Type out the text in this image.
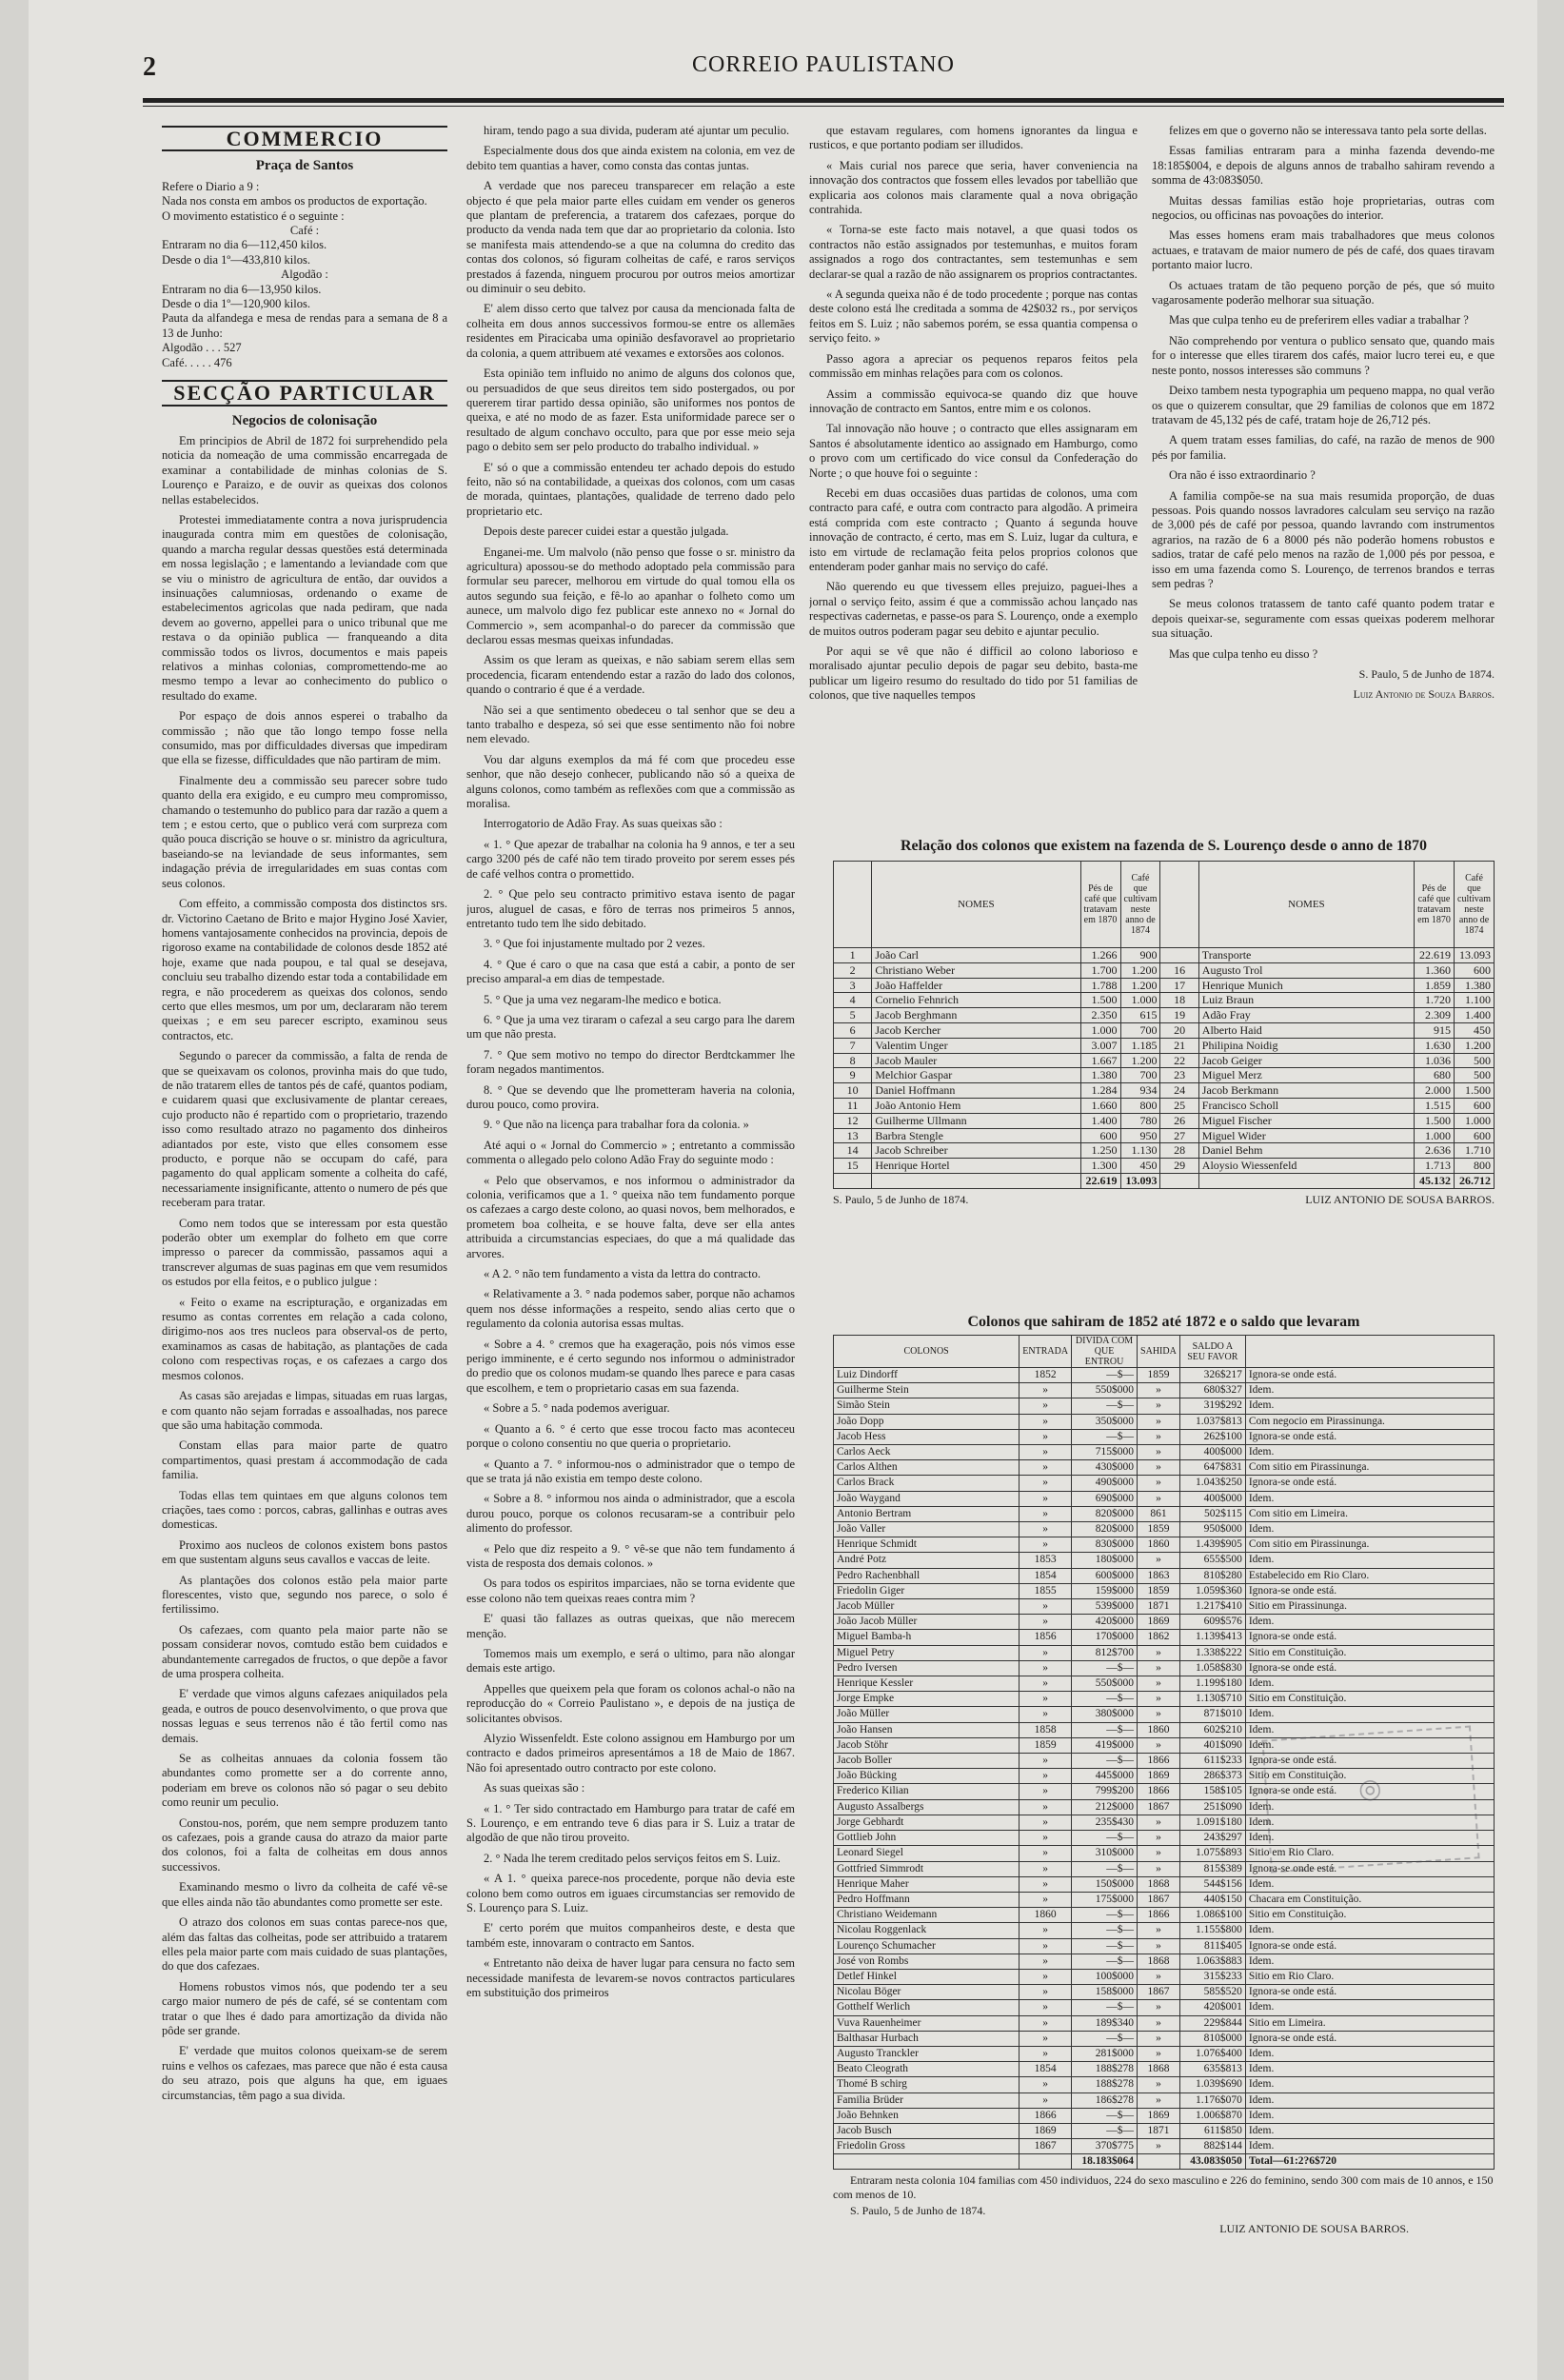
2	CORREIO PAULISTANO
COMMERCIO
Praça de Santos
Refere o Diario a 9 :
Nada nos consta em ambos os productos de exportação.
O movimento estatistico é o seguinte :
Café :
Entraram no dia 6—112,450 kilos.
Desde o dia 1º—433,810 kilos.
Algodão :
Entraram no dia 6—13,950 kilos.
Desde o dia 1º—120,900 kilos.
Pauta da alfandega e mesa de rendas para a semana de 8 a 13 de Junho:
Algodão . . . 527
Café. . . . . 476
SECÇÃO PARTICULAR
Negocios de colonisação

Em principios de Abril de 1872 foi surprehendido pela noticia da nomeação de uma commissão encarregada de examinar a contabilidade de minhas colonias de S. Lourenço e Paraizo, e de ouvir as queixas dos colonos nellas estabelecidos.

Protestei immediatamente contra a nova jurisprudencia inaugurada contra mim em questões de colonisação, quando a marcha regular dessas questões está determinada em nossa legislação ; e lamentando a leviandade com que se viu o ministro de agricultura de então, dar ouvidos a insinuações calumniosas, ordenando o exame de estabelecimentos agricolas que nada pediram, que nada devem ao governo, appellei para o unico tribunal que me restava o da opinião publica — franqueando a dita commissão todos os livros, documentos e mais papeis relativos a minhas colonias, compromettendo-me ao mesmo tempo a levar ao conhecimento do publico o resultado do exame.

Por espaço de dois annos esperei o trabalho da commissão ; não que tão longo tempo fosse nella consumido, mas por difficuldades diversas que impediram que ella se fizesse, difficuldades que não partiram de mim.

Finalmente deu a commissão seu parecer sobre tudo quanto della era exigido, e eu cumpro meu compromisso, chamando o testemunho do publico para dar razão a quem a tem ; e estou certo, que o publico verá com surpreza com quão pouca discrição se houve o sr. ministro da agricultura, baseiando-se na leviandade de seus informantes, sem indagação prévia de irregularidades em suas contas com seus colonos.

Com effeito, a commissão composta dos distinctos srs. dr. Victorino Caetano de Brito e major Hygino José Xavier, homens vantajosamente conhecidos na provincia, depois de rigoroso exame na contabilidade de colonos desde 1852 até hoje, exame que nada poupou, e tal qual se desejava, concluiu seu trabalho dizendo estar toda a contabilidade em regra, e não procederem as queixas dos colonos, sendo certo que elles mesmos, um por um, declararam não terem queixas ; e em seu parecer escripto, examinou seus contractos, etc.

Segundo o parecer da commissão, a falta de renda de que se queixavam os colonos, provinha mais do que tudo, de não tratarem elles de tantos pés de café, quantos podiam, e cuidarem quasi que exclusivamente de plantar cereaes, cujo producto não é repartido com o proprietario, trazendo isso como resultado atrazo no pagamento dos dinheiros adiantados por este, visto que elles consomem esse producto, e porque não se occupam do café, para pagamento do qual applicam somente a colheita do café, necessariamente insignificante, attento o numero de pés que receberam para tratar.

Como nem todos que se interessam por esta questão poderão obter um exemplar do folheto em que corre impresso o parecer da commissão, passamos aqui a transcrever algumas de suas paginas em que vem resumidos os estudos por ella feitos, e o publico julgue :

« Feito o exame na escripturação, e organizadas em resumo as contas correntes em relação a cada colono, dirigimo-nos aos tres nucleos para observal-os de perto, examinamos as casas de habitação, as plantações de cada colono com respectivas roças, e os cafezaes a cargo dos mesmos colonos.

As casas são arejadas e limpas, situadas em ruas largas, e com quanto não sejam forradas e assoalhadas, nos parece que são uma habitação commoda.

Constam ellas para maior parte de quatro compartimentos, quasi prestam á accommodação de cada familia.

Todas ellas tem quintaes em que alguns colonos tem criações, taes como : porcos, cabras, gallinhas e outras aves domesticas.

Proximo aos nucleos de colonos existem bons pastos em que sustentam alguns seus cavallos e vaccas de leite.

As plantações dos colonos estão pela maior parte florescentes, visto que, segundo nos parece, o solo é fertilissimo.

Os cafezaes, com quanto pela maior parte não se possam considerar novos, comtudo estão bem cuidados e abundantemente carregados de fructos, o que depõe a favor de uma prospera colheita.

E' verdade que vimos alguns cafezaes aniquilados pela geada, e outros de pouco desenvolvimento, o que prova que nossas leguas e seus terrenos não é tão fertil como nas demais.

Se as colheitas annuaes da colonia fossem tão abundantes como promette ser a do corrente anno, poderiam em breve os colonos não só pagar o seu debito como reunir um peculio.

Constou-nos, porém, que nem sempre produzem tanto os cafezaes, pois a grande causa do atrazo da maior parte dos colonos, foi a falta de colheitas em dous annos successivos.

Examinando mesmo o livro da colheita de café vê-se que elles ainda não tão abundantes como promette ser este.

O atrazo dos colonos em suas contas parece-nos que, além das faltas das colheitas, pode ser attribuido a tratarem elles pela maior parte com mais cuidado de suas plantações, do que dos cafezaes.

Homens robustos vimos nós, que podendo ter a seu cargo maior numero de pés de café, sé se contentam com tratar o que lhes é dado para amortização da divida não pôde ser grande.

E' verdade que muitos colonos queixam-se de serem ruins e velhos os cafezaes, mas parece que não é esta causa do seu atrazo, pois que alguns ha que, em iguaes circumstancias, têm pago a sua divida.

hiram, tendo pago a sua divida, puderam até ajuntar um peculio.

Especialmente dous dos que ainda existem na colonia, em vez de debito tem quantias a haver, como consta das contas juntas.

A verdade que nos pareceu transparecer em relação a este objecto é que pela maior parte elles cuidam em vender os generos que plantam de preferencia, a tratarem dos cafezaes, porque do producto da venda nada tem que dar ao proprietario da colonia. Isto se manifesta mais attendendo-se a que na columna do credito das contas dos colonos, só figuram colheitas de café, e raros serviços prestados á fazenda, ninguem procurou por outros meios amortizar ou diminuir o seu debito.

E' alem disso certo que talvez por causa da mencionada falta de colheita em dous annos successivos formou-se entre os allemães residentes em Piracicaba uma opinião desfavoravel ao proprietario da colonia, a quem attribuem até vexames e extorsões aos colonos.

Esta opinião tem influido no animo de alguns dos colonos que, ou persuadidos de que seus direitos tem sido postergados, ou por quererem tirar partido dessa opinião, são uniformes nos pontos de queixa, e até no modo de as fazer. Esta uniformidade parece ser o resultado de algum conchavo occulto, para que por esse meio seja pago o debito sem ser pelo producto do trabalho individual. »

E' só o que a commissão entendeu ter achado depois do estudo feito, não só na contabilidade, a queixas dos colonos, com um casas de morada, quintaes, plantações, qualidade de terreno dado pelo proprietario etc.

Depois deste parecer cuidei estar a questão julgada.

Enganei-me. Um malvolo (não penso que fosse o sr. ministro da agricultura) apossou-se do methodo adoptado pela commissão para formular seu parecer, melhorou em virtude do qual tomou ella os autos segundo sua feição, e fê-lo ao apanhar o folheto como um aunece, um malvolo digo fez publicar este annexo no « Jornal do Commercio », sem acompanhal-o do parecer da commissão que declarou essas mesmas queixas infundadas.

Assim os que leram as queixas, e não sabiam serem ellas sem procedencia, ficaram entendendo estar a razão do lado dos colonos, quando o contrario é que é a verdade.

Não sei a que sentimento obedeceu o tal senhor que se deu a tanto trabalho e despeza, só sei que esse sentimento não foi nobre nem elevado.

Vou dar alguns exemplos da má fé com que procedeu esse senhor, que não desejo conhecer, publicando não só a queixa de alguns colonos, como também as reflexões com que a commissão as moralisa.

Interrogatorio de Adão Fray. As suas queixas são :

« 1. ° Que apezar de trabalhar na colonia ha 9 annos, e ter a seu cargo 3200 pés de café não tem tirado proveito por serem esses pés de café velhos contra o promettido.

2. ° Que pelo seu contracto primitivo estava isento de pagar juros, aluguel de casas, e fôro de terras nos primeiros 5 annos, entretanto tudo tem lhe sido debitado.

3. ° Que foi injustamente multado por 2 vezes.

4. ° Que é caro o que na casa que está a cabir, a ponto de ser preciso amparal-a em dias de tempestade.

5. ° Que ja uma vez negaram-lhe medico e botica.

6. ° Que ja uma vez tiraram o cafezal a seu cargo para lhe darem um que não presta.

7. ° Que sem motivo no tempo do director Berdtckammer lhe foram negados mantimentos.

8. ° Que se devendo que lhe prometteram haveria na colonia, durou pouco, como provira.

9. ° Que não na licença para trabalhar fora da colonia. »

Até aqui o « Jornal do Commercio » ; entretanto a commissão commenta o allegado pelo colono Adão Fray do seguinte modo :

« Pelo que observamos, e nos informou o administrador da colonia, verificamos que a 1. ° queixa não tem fundamento porque os cafezaes a cargo deste colono, ao quasi novos, bem melhorados, e prometem boa colheita, e se houve falta, deve ser ella antes attribuida a circumstancias especiaes, do que a má qualidade das arvores.

« A 2. ° não tem fundamento a vista da lettra do contracto.

« Relativamente a 3. ° nada podemos saber, porque não achamos quem nos désse informações a respeito, sendo alias certo que o regulamento da colonia autorisa essas multas.

« Sobre a 4. ° cremos que ha exageração, pois nós vimos esse perigo imminente, e é certo segundo nos informou o administrador do predio que os colonos mudam-se quando lhes parece e para casas que escolhem, e tem o proprietario casas em sua fazenda.

« Sobre a 5. ° nada podemos averiguar.

« Quanto a 6. ° é certo que esse trocou facto mas aconteceu porque o colono consentiu no que queria o proprietario.

« Quanto a 7. ° informou-nos o administrador que o tempo de que se trata já não existia em tempo deste colono.

« Sobre a 8. ° informou nos ainda o administrador, que a escola durou pouco, porque os colonos recusaram-se a contribuir pelo alimento do professor.

« Pelo que diz respeito a 9. ° vê-se que não tem fundamento á vista de resposta dos demais colonos. »

Os para todos os espiritos imparciaes, não se torna evidente que esse colono não tem queixas reaes contra mim ?

E' quasi tão fallazes as outras queixas, que não merecem menção.

Tomemos mais um exemplo, e será o ultimo, para não alongar demais este artigo.

Appelles que queixem pela que foram os colonos achal-o não na reproducção do « Correio Paulistano », e depois de na justiça de solicitantes obvisos.

Alyzio Wissenfeldt. Este colono assignou em Hamburgo por um contracto e dados primeiros apresentámos a 18 de Maio de 1867. Não foi apresentado outro contracto por este colono.

As suas queixas são :

« 1. ° Ter sido contractado em Hamburgo para tratar de café em S. Lourenço, e em entrando teve 6 dias para ir S. Luiz a tratar de algodão de que não tirou proveito.

2. ° Nada lhe terem creditado pelos serviços feitos em S. Luiz.

« A 1. ° queixa parece-nos procedente, porque não devia este colono bem como outros em iguaes circumstancias ser removido de S. Lourenço para S. Luiz.

E' certo porém que muitos companheiros deste, e desta que também este, innovaram o contracto em Santos.

« Entretanto não deixa de haver lugar para censura no facto sem necessidade manifesta de levarem-se novos contractos particulares em substituição dos primeiros

que estavam regulares, com homens ignorantes da lingua e rusticos, e que portanto podiam ser illudidos.

« Mais curial nos parece que seria, haver conveniencia na innovação dos contractos que fossem elles levados por tabellião que explicaria aos colonos mais claramente qual a nova obrigação contrahida.

« Torna-se este facto mais notavel, a que quasi todos os contractos não estão assignados por testemunhas, e muitos foram assignados a rogo dos contractantes, sem testemunhas e sem declarar-se qual a razão de não assignarem os proprios contractantes.

« A segunda queixa não é de todo procedente ; porque nas contas deste colono está lhe creditada a somma de 42$032 rs., por serviços feitos em S. Luiz ; não sabemos porém, se essa quantia compensa o serviço feito. »

Passo agora a apreciar os pequenos reparos feitos pela commissão em minhas relações para com os colonos.

Assim a commissão equivoca-se quando diz que houve innovação de contracto em Santos, entre mim e os colonos.

Tal innovação não houve ; o contracto que elles assignaram em Santos é absolutamente identico ao assignado em Hamburgo, como o provo com um certificado do vice consul da Confederação do Norte ; o que houve foi o seguinte :

Recebi em duas occasiões duas partidas de colonos, uma com contracto para café, e outra com contracto para algodão. A primeira está comprida com este contracto ; Quanto á segunda houve innovação de contracto, é certo, mas em S. Luiz, lugar da cultura, e isto em virtude de reclamação feita pelos proprios colonos que entenderam poder ganhar mais no serviço do café.

Não querendo eu que tivessem elles prejuizo, paguei-lhes a jornal o serviço feito, assim é que a commissão achou lançado nas respectivas cadernetas, e passe-os para S. Lourenço, onde a exemplo de muitos outros poderam pagar seu debito e ajuntar peculio.

Por aqui se vê que não é difficil ao colono laborioso e moralisado ajuntar peculio depois de pagar seu debito, basta-me publicar um ligeiro resumo do resultado do tido por 51 familias de colonos, que tive naquelles tempos

felizes em que o governo não se interessava tanto pela sorte dellas.

Essas familias entraram para a minha fazenda devendo-me 18:185$004, e depois de alguns annos de trabalho sahiram revendo a somma de 43:083$050.

Muitas dessas familias estão hoje proprietarias, outras com negocios, ou officinas nas povoações do interior.

Mas esses homens eram mais trabalhadores que meus colonos actuaes, e tratavam de maior numero de pés de café, dos quaes tiravam portanto maior lucro.

Os actuaes tratam de tão pequeno porção de pés, que só muito vagarosamente poderão melhorar sua situação.

Mas que culpa tenho eu de preferirem elles vadiar a trabalhar ?

Não comprehendo por ventura o publico sensato que, quando mais for o interesse que elles tirarem dos cafés, maior lucro terei eu, e que neste ponto, nossos interesses são communs ?

Deixo tambem nesta typographia um pequeno mappa, no qual verão os que o quizerem consultar, que 29 familias de colonos que em 1872 tratavam de 45,132 pés de café, tratam hoje de 26,712 pés.

A quem tratam esses familias, do café, na razão de menos de 900 pés por familia.

Ora não é isso extraordinario ?

A familia compõe-se na sua mais resumida proporção, de duas pessoas. Pois quando nossos lavradores calculam seu serviço na razão de 3,000 pés de café por pessoa, quando lavrando com instrumentos agrarios, na razão de 6 a 8000 pés não poderão homens robustos e sadios, tratar de café pelo menos na razão de 1,000 pés por pessoa, e isso em uma fazenda como S. Lourenço, de terrenos brandos e terras sem pedras ?

Se meus colonos tratassem de tanto café quanto podem tratar e depois queixar-se, seguramente com essas queixas poderem melhorar sua situação.

Mas que culpa tenho eu disso ?

S. Paulo, 5 de Junho de 1874.
Luiz Antonio de Souza Barros.
Relação dos colonos que existem na fazenda de S. Lourenço desde o anno de 1870
	NOMES	Pés de café que tratavam em 1870	Café que cultivam neste anno de 1874		NOMES	Pés de café que tratavam em 1870	Café que cultivam neste anno de 1874
1	João Carl	1.266	900		Transporte	22.619	13.093
2	Christiano Weber	1.700	1.200	16	Augusto Trol	1.360	600
3	João Haffelder	1.788	1.200	17	Henrique Munich	1.859	1.380
4	Cornelio Fehnrich	1.500	1.000	18	Luiz Braun	1.720	1.100
5	Jacob Berghmann	2.350	615	19	Adão Fray	2.309	1.400
6	Jacob Kercher	1.000	700	20	Alberto Haid	915	450
7	Valentim Unger	3.007	1.185	21	Philipina Noidig	1.630	1.200
8	Jacob Mauler	1.667	1.200	22	Jacob Geiger	1.036	500
9	Melchior Gaspar	1.380	700	23	Miguel Merz	680	500
10	Daniel Hoffmann	1.284	934	24	Jacob Berkmann	2.000	1.500
11	João Antonio Hem	1.660	800	25	Francisco Scholl	1.515	600
12	Guilherme Ullmann	1.400	780	26	Miguel Fischer	1.500	1.000
13	Barbra Stengle	600	950	27	Miguel Wider	1.000	600
14	Jacob Schreiber	1.250	1.130	28	Daniel Behm	2.636	1.710
15	Henrique Hortel	1.300	450	29	Aloysio Wiessenfeld	1.713	800
		22.619	13.093			45.132	26.712
S. Paulo, 5 de Junho de 1874.	LUIZ ANTONIO DE SOUSA BARROS.
Colonos que sahiram de 1852 até 1872 e o saldo que levaram
COLONOS	ENTRADA	DIVIDA COM QUE ENTROU	SAHIDA	SALDO A SEU FAVOR	
Luiz Dindorff	1852	—$—	1859	326$217	Ignora-se onde está.
Guilherme Stein	»	550$000	»	680$327	Idem.
Simão Stein	»	—$—	»	319$292	Idem.
João Dopp	»	350$000	»	1.037$813	Com negocio em Pirassinunga.
Jacob Hess	»	—$—	»	262$100	Ignora-se onde está.
Carlos Aeck	»	715$000	»	400$000	Idem.
Carlos Althen	»	430$000	»	647$831	Com sitio em Pirassinunga.
Carlos Brack	»	490$000	»	1.043$250	Ignora-se onde está.
João Waygand	»	690$000	»	400$000	Idem.
Antonio Bertram	»	820$000	861	502$115	Com sitio em Limeira.
João Valler	»	820$000	1859	950$000	Idem.
Henrique Schmidt	»	830$000	1860	1.439$905	Com sitio em Pirassinunga.
André Potz	1853	180$000	»	655$500	Idem.
Pedro Rachenbhall	1854	600$000	1863	810$280	Estabelecido em Rio Claro.
Friedolin Giger	1855	159$000	1859	1.059$360	Ignora-se onde está.
Jacob Müller	»	539$000	1871	1.217$410	Sitio em Pirassinunga.
João Jacob Müller	»	420$000	1869	609$576	Idem.
Miguel Bamba-h	1856	170$000	1862	1.139$413	Ignora-se onde está.
Miguel Petry	»	812$700	»	1.338$222	Sitio em Constituição.
Pedro Iversen	»	—$—	»	1.058$830	Ignora-se onde está.
Henrique Kessler	»	550$000	»	1.199$180	Idem.
Jorge Empke	»	—$—	»	1.130$710	Sitio em Constituição.
João Müller	»	380$000	»	871$010	Idem.
João Hansen	1858	—$—	1860	602$210	Idem.
Jacob Stöhr	1859	419$000	»	401$090	Idem.
Jacob Boller	»	—$—	1866	611$233	Ignora-se onde está.
João Bücking	»	445$000	1869	286$373	Sitio em Constituição.
Frederico Kilian	»	799$200	1866	158$105	Ignora-se onde está.
Augusto Assalbergs	»	212$000	1867	251$090	Idem.
Jorge Gebhardt	»	235$430	»	1.091$180	Idem.
Gottlieb John	»	—$—	»	243$297	Idem.
Leonard Siegel	»	310$000	»	1.075$893	Sitio em Rio Claro.
Gottfried Simmrodt	»	—$—	»	815$389	Ignora-se onde está.
Henrique Maher	»	150$000	1868	544$156	Idem.
Pedro Hoffmann	»	175$000	1867	440$150	Chacara em Constituição.
Christiano Weidemann	1860	—$—	1866	1.086$100	Sitio em Constituição.
Nicolau Roggenlack	»	—$—	»	1.155$800	Idem.
Lourenço Schumacher	»	—$—	»	811$405	Ignora-se onde está.
José von Rombs	»	—$—	1868	1.063$883	Idem.
Detlef Hinkel	»	100$000	»	315$233	Sitio em Rio Claro.
Nicolau Böger	»	158$000	1867	585$520	Ignora-se onde está.
Gotthelf Werlich	»	—$—	»	420$001	Idem.
Vuva Rauenheimer	»	189$340	»	229$844	Sitio em Limeira.
Balthasar Hurbach	»	—$—	»	810$000	Ignora-se onde está.
Augusto Tranckler	»	281$000	»	1.076$400	Idem.
Beato Cleograth	1854	188$278	1868	635$813	Idem.
Thomé B schirg	»	188$278	»	1.039$690	Idem.
Familia Brüder	»	186$278	»	1.176$070	Idem.
João Behnken	1866	—$—	1869	1.006$870	Idem.
Jacob Busch	1869	—$—	1871	611$850	Idem.
Friedolin Gross	1867	370$775	»	882$144	Idem.
		18.183$064		43.083$050	Total—61:2?6$720
Entraram nesta colonia 104 familias com 450 individuos, 224 do sexo masculino e 226 do feminino, sendo 300 com mais de 10 annos, e 150 com menos de 10.
S. Paulo, 5 de Junho de 1874.
LUIZ ANTONIO DE SOUSA BARROS.
◎
